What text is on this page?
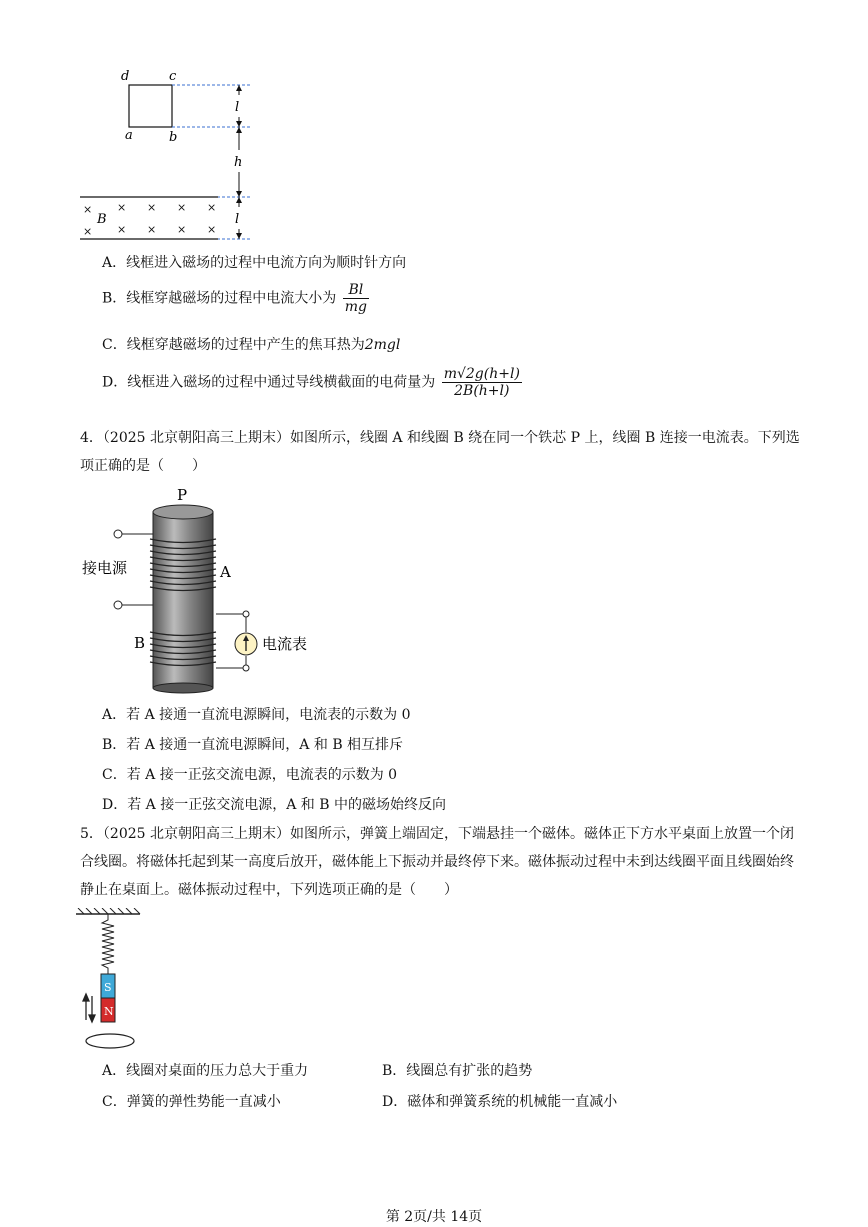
d	c
a	b
l
h
l
× × × × ×
× × × × ×
B
A．线框进入磁场的过程中电流方向为顺时针方向
B．线框穿越磁场的过程中电流大小为 $\frac{Bl}{mg}$
C．线框穿越磁场的过程中产生的焦耳热为2mgl
D．线框进入磁场的过程中通过导线横截面的电荷量为 $\frac{m√2g(h+l)}{2B(h+l)}$
4．（2025 北京朝阳高三上期末）如图所示，线圈 A 和线圈 B 绕在同一个铁芯 P 上，线圈 B 连接一电流表。下列选项正确的是（　　）
P
接电源	A
B	电流表
A．若 A 接通一直流电源瞬间，电流表的示数为 0
B．若 A 接通一直流电源瞬间，A 和 B 相互排斥
C．若 A 接一正弦交流电源，电流表的示数为 0
D．若 A 接一正弦交流电源，A 和 B 中的磁场始终反向
5．（2025 北京朝阳高三上期末）如图所示，弹簧上端固定，下端悬挂一个磁体。磁体正下方水平桌面上放置一个闭合线圈。将磁体托起到某一高度后放开，磁体能上下振动并最终停下来。磁体振动过程中未到达线圈平面且线圈始终静止在桌面上。磁体振动过程中，下列选项正确的是（　　）
S
N
A．线圈对桌面的压力总大于重力	B．线圈总有扩张的趋势
C．弹簧的弹性势能一直减小	D．磁体和弹簧系统的机械能一直减小
第 2页/共 14页
